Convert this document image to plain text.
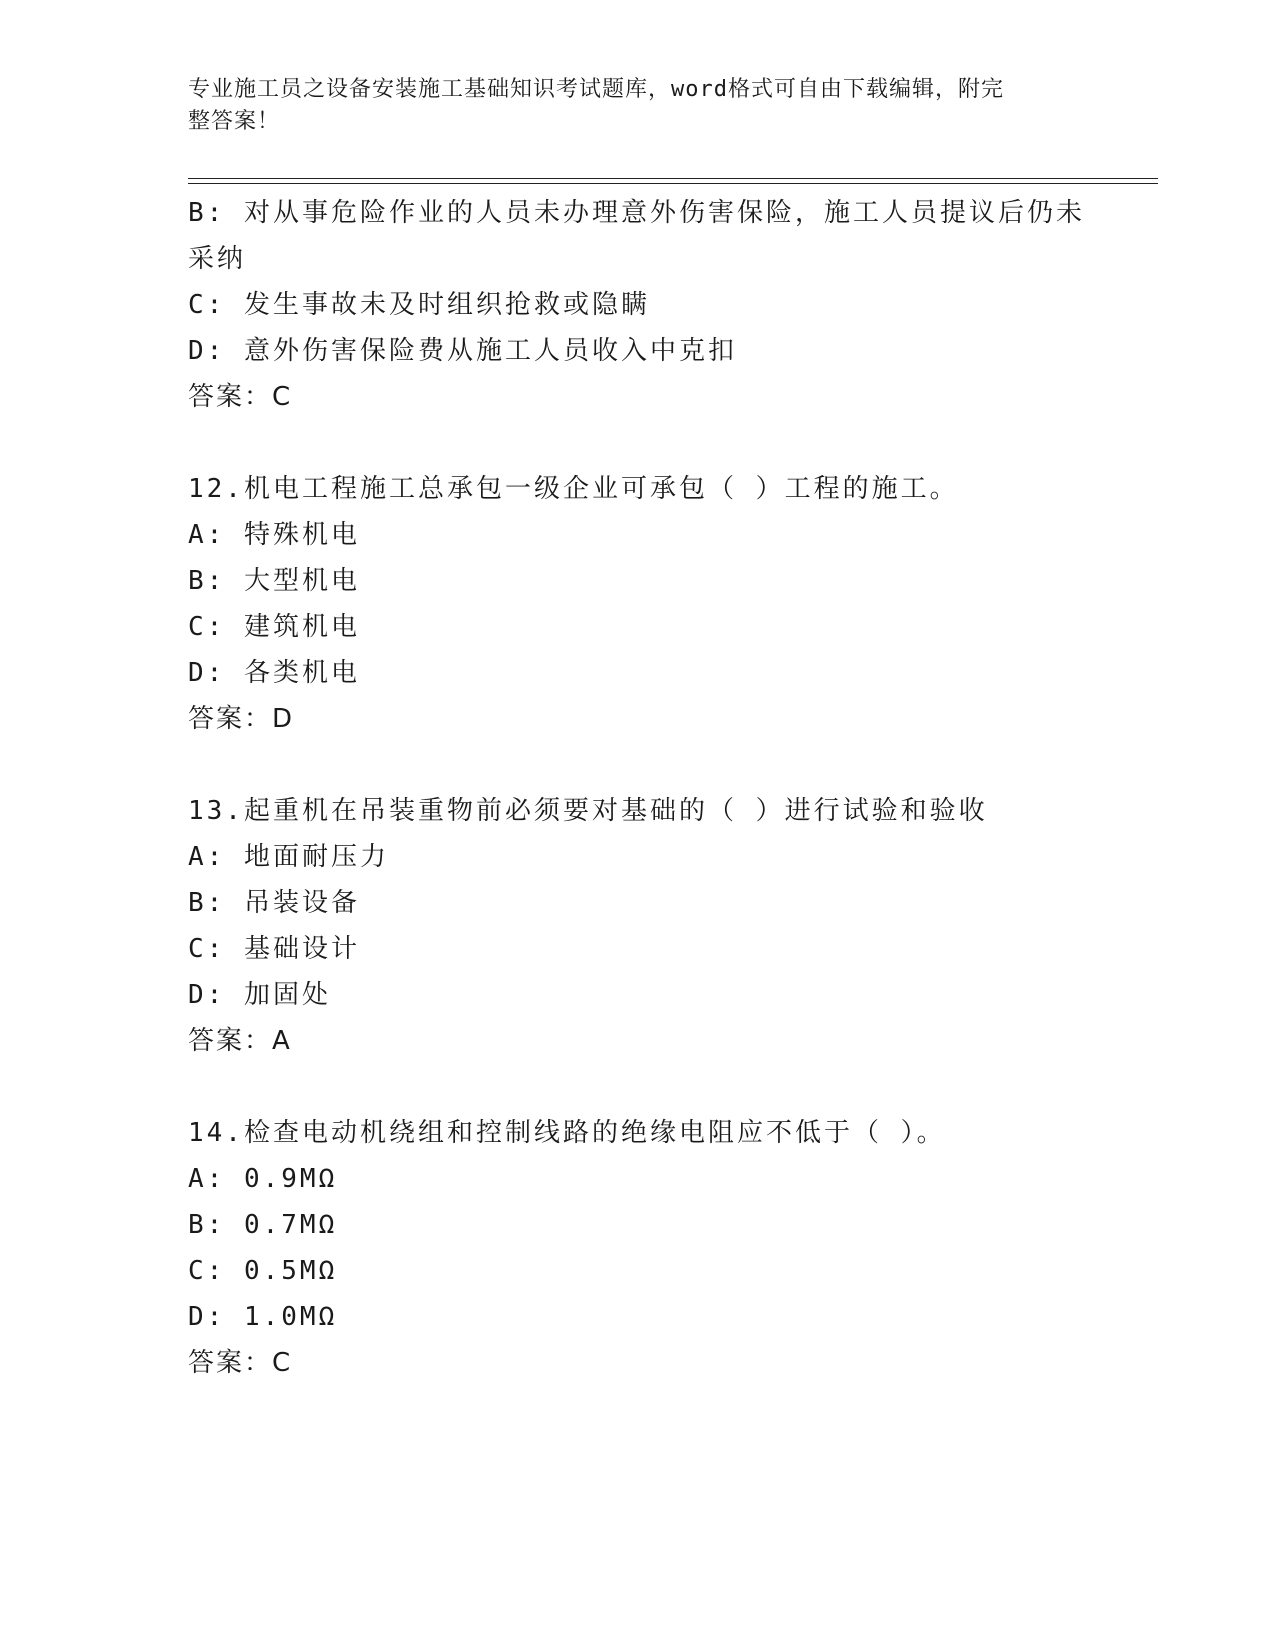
专业施工员之设备安装施工基础知识考试题库，word格式可自由下载编辑，附完
整答案！
B: 对从事危险作业的人员未办理意外伤害保险，施工人员提议后仍未
采纳
C: 发生事故未及时组织抢救或隐瞒
D: 意外伤害保险费从施工人员收入中克扣
答案：C
12.机电工程施工总承包一级企业可承包（ ）工程的施工。
A: 特殊机电
B: 大型机电
C: 建筑机电
D: 各类机电
答案：D
13.起重机在吊装重物前必须要对基础的（ ）进行试验和验收
A: 地面耐压力
B: 吊装设备
C: 基础设计
D: 加固处
答案：A
14.检查电动机绕组和控制线路的绝缘电阻应不低于（ ）。
A: 0.9MΩ
B: 0.7MΩ
C: 0.5MΩ
D: 1.0MΩ
答案：C
